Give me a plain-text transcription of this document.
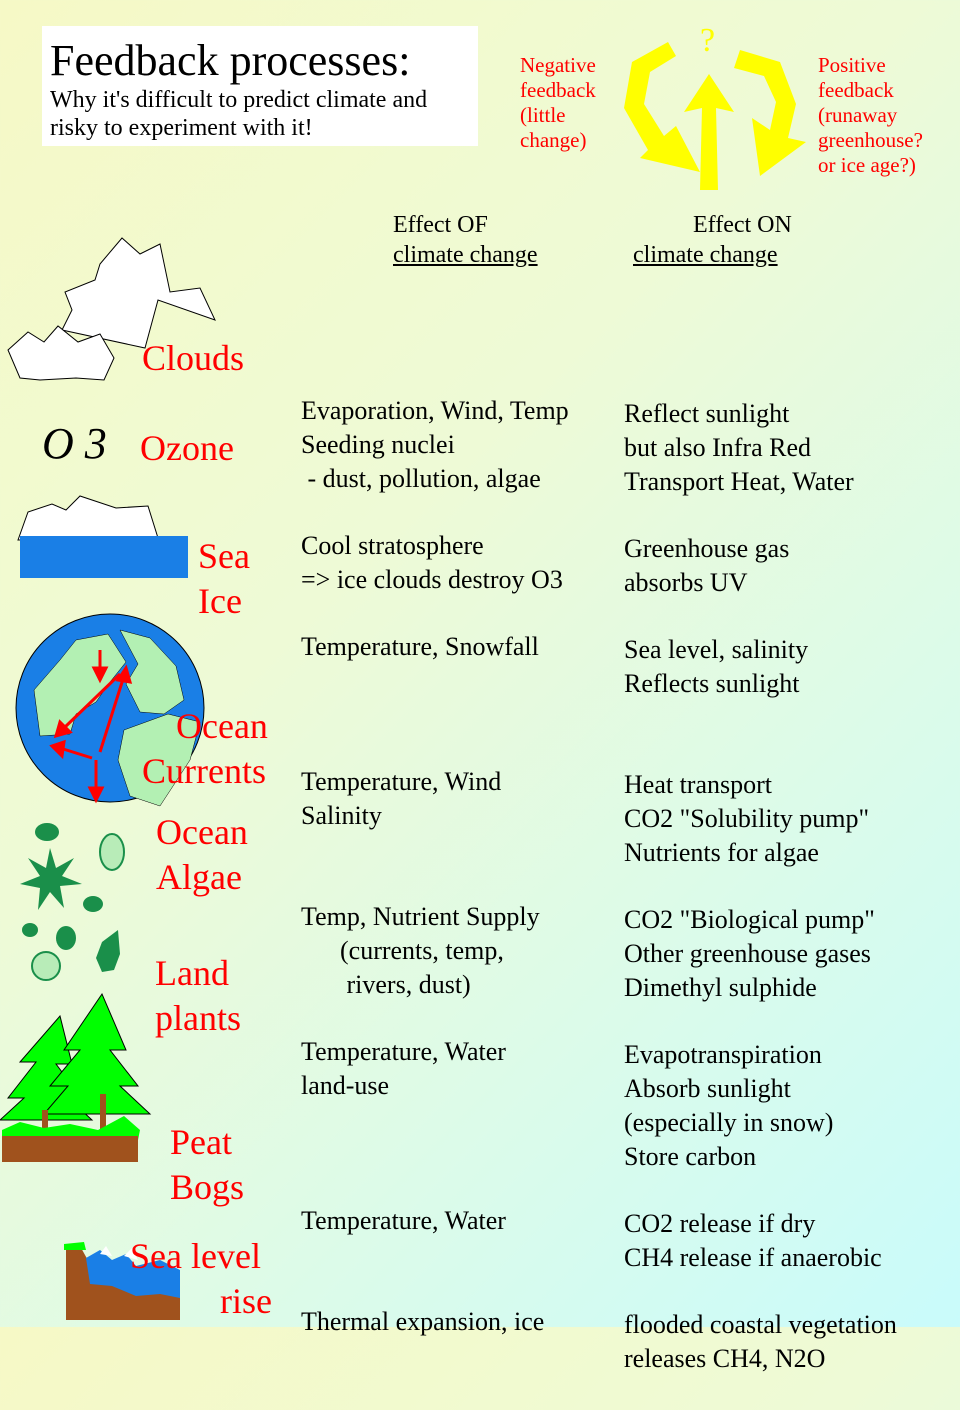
Feedback processes:
Why it's difficult to predict climate and risky to experiment with it!
Negative
feedback
(little
change)
Positive
feedback
(runaway
greenhouse?
or ice age?)
?
Effect OF
climate change
Effect ON
climate change
O 3
Clouds
Ozone
Sea
Ice
Ocean
Currents
Ocean
Algae
Land
plants
Peat
Bogs
Sea level
rise

Evaporation, Wind, Temp
Seeding nuclei
- dust, pollution, algae

Cool stratosphere
=> ice clouds destroy O3

Temperature, Snowfall

Temperature, Wind
Salinity

Temp, Nutrient Supply
(currents, temp,
rivers, dust)

Temperature, Water
land-use

Temperature, Water

Thermal expansion, ice

Reflect sunlight
but also Infra Red
Transport Heat, Water

Greenhouse gas
absorbs UV

Sea level, salinity
Reflects sunlight

Heat transport
CO2 "Solubility pump"
Nutrients for algae

CO2 "Biological pump"
Other greenhouse gases
Dimethyl sulphide

Evapotranspiration
Absorb sunlight
(especially in snow)
Store carbon

CO2 release if dry
CH4 release if anaerobic

flooded coastal vegetation
releases CH4, N2O
